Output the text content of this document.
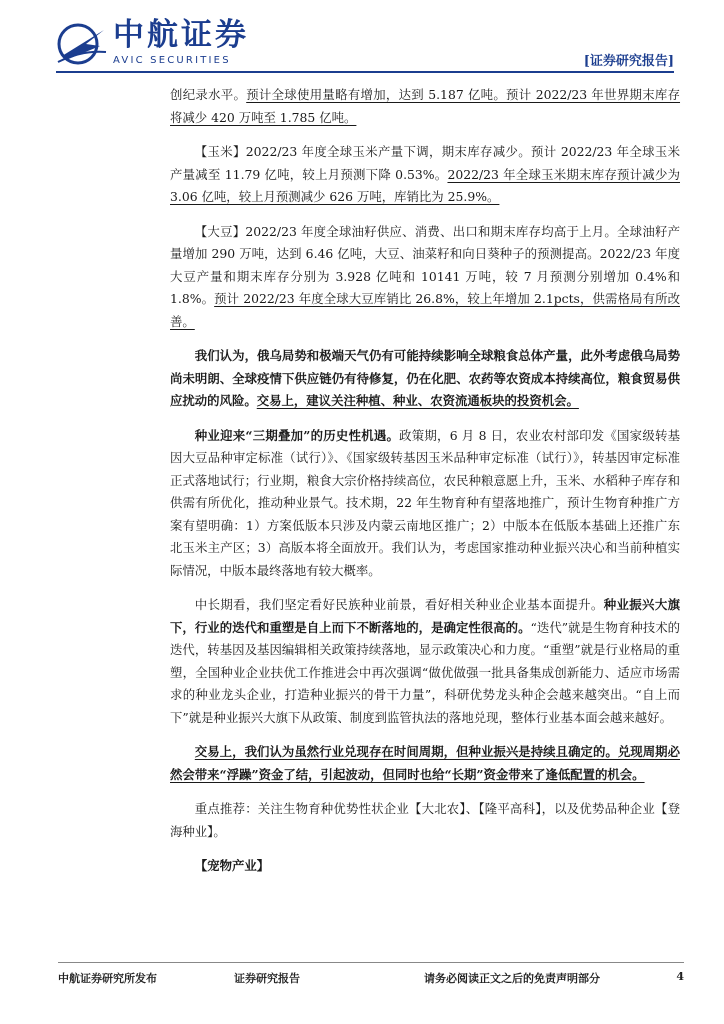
中航证券
AVIC SECURITIES	[证券研究报告]

创纪录水平。预计全球使用量略有增加，达到 5.187 亿吨。预计 2022/23 年世界期末库存将减少 420 万吨至 1.785 亿吨。

【玉米】2022/23 年度全球玉米产量下调，期末库存减少。预计 2022/23 年全球玉米产量减至 11.79 亿吨，较上月预测下降 0.53%。2022/23 年全球玉米期末库存预计减少为 3.06 亿吨，较上月预测减少 626 万吨，库销比为 25.9%。

【大豆】2022/23 年度全球油籽供应、消费、出口和期末库存均高于上月。全球油籽产量增加 290 万吨，达到 6.46 亿吨，大豆、油菜籽和向日葵种子的预测提高。2022/23 年度大豆产量和期末库存分别为 3.928 亿吨和 10141 万吨，较 7 月预测分别增加 0.4%和 1.8%。预计 2022/23 年度全球大豆库销比 26.8%，较上年增加 2.1pcts，供需格局有所改善。

我们认为，俄乌局势和极端天气仍有可能持续影响全球粮食总体产量，此外考虑俄乌局势尚未明朗、全球疫情下供应链仍有待修复，仍在化肥、农药等农资成本持续高位，粮食贸易供应扰动的风险。交易上，建议关注种植、种业、农资流通板块的投资机会。

种业迎来“三期叠加”的历史性机遇。政策期，6 月 8 日，农业农村部印发《国家级转基因大豆品种审定标准（试行）》、《国家级转基因玉米品种审定标准（试行）》，转基因审定标准正式落地试行；行业期，粮食大宗价格持续高位，农民种粮意愿上升，玉米、水稻种子库存和供需有所优化，推动种业景气。技术期，22 年生物育种有望落地推广，预计生物育种推广方案有望明确：1）方案低版本只涉及内蒙云南地区推广；2）中版本在低版本基础上还推广东北玉米主产区；3）高版本将全面放开。我们认为，考虑国家推动种业振兴决心和当前种植实际情况，中版本最终落地有较大概率。

中长期看，我们坚定看好民族种业前景，看好相关种业企业基本面提升。种业振兴大旗下，行业的迭代和重塑是自上而下不断落地的，是确定性很高的。“迭代”就是生物育种技术的迭代，转基因及基因编辑相关政策持续落地，显示政策决心和力度。“重塑”就是行业格局的重塑，全国种业企业扶优工作推进会中再次强调“做优做强一批具备集成创新能力、适应市场需求的种业龙头企业，打造种业振兴的骨干力量”，科研优势龙头种企会越来越突出。“自上而下”就是种业振兴大旗下从政策、制度到监管执法的落地兑现，整体行业基本面会越来越好。

交易上，我们认为虽然行业兑现存在时间周期，但种业振兴是持续且确定的。兑现周期必然会带来“浮躁”资金了结，引起波动，但同时也给“长期”资金带来了逢低配置的机会。

重点推荐：关注生物育种优势性状企业【大北农】、【隆平高科】，以及优势品种企业【登海种业】。

【宠物产业】

中航证券研究所发布	证券研究报告	请务必阅读正文之后的免责声明部分	4
